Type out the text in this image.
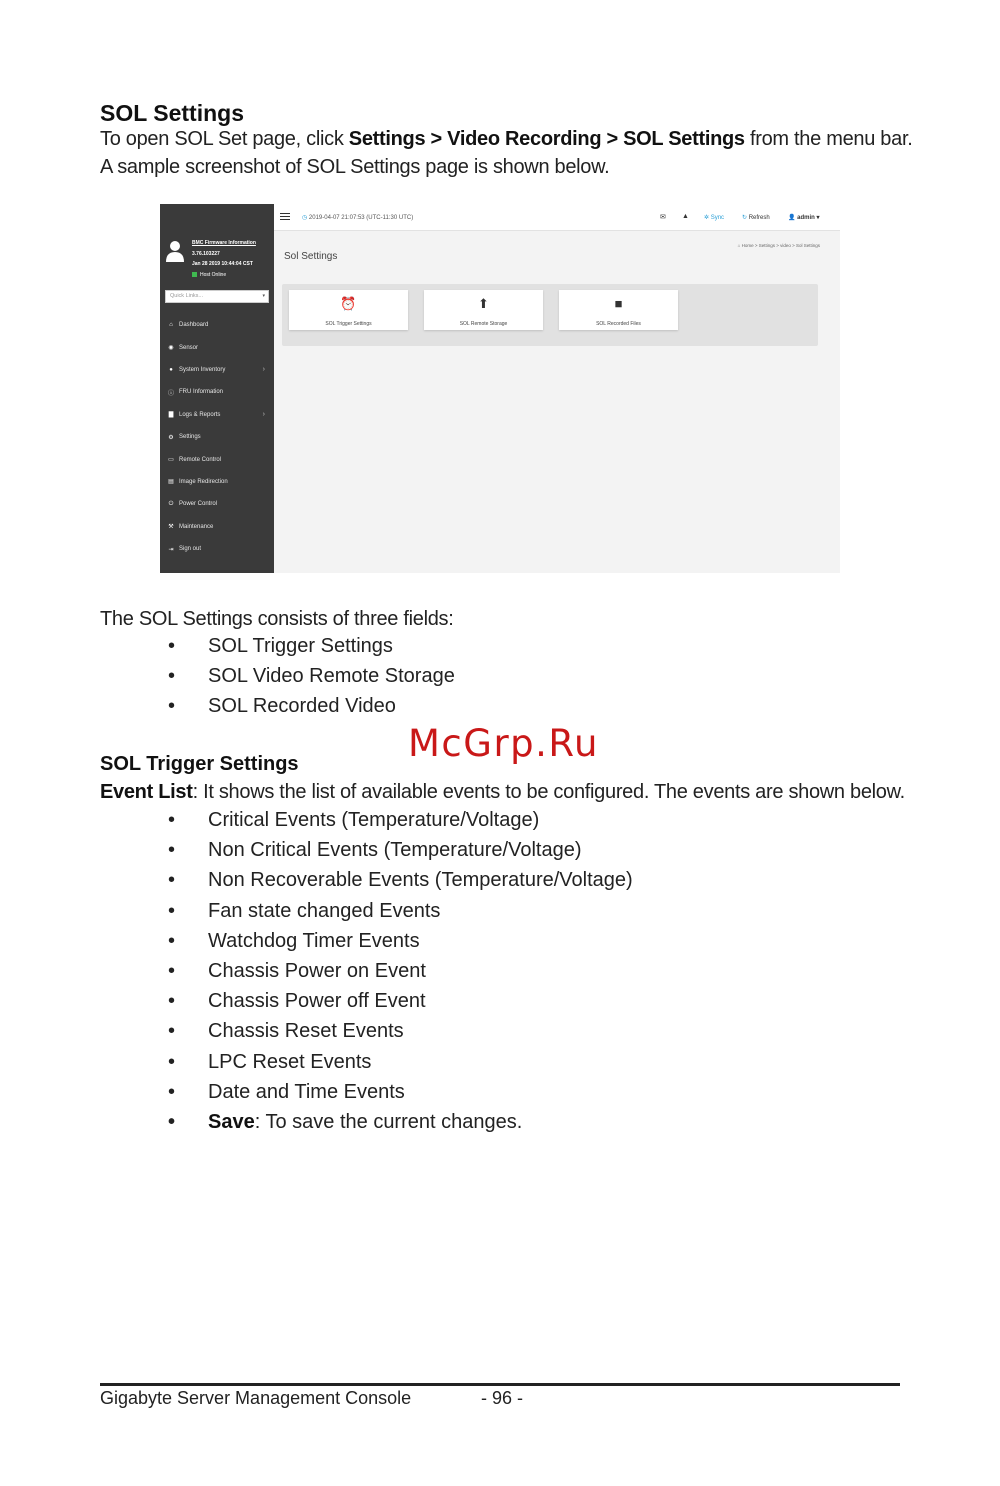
SOL Settings
To open SOL Set page, click Settings > Video Recording > SOL Settings from the menu bar.
A sample screenshot of SOL Settings page is shown below.
BMC Firmware Information
3.76.103227
Jan 28 2019 10:44:04 CST
Host Online
Quick Links...	▾
⌂	Dashboard
◉ Sensor
●	System Inventory	›
ⓘ FRU Information
▇ Logs & Reports	›
⚙ Settings
▭ Remote Control
▤ Image Redirection
⏻ Power Control
⚒ Maintenance
⇥ Sign out
◷ 2019-04-07 21:07:53 (UTC-11:30 UTC)	✉ ▲	✲ Sync	↻ Refresh	👤 admin ▾
Sol Settings
⌂ Home > Settings > video > Sol Settings
⏰
SOL Trigger Settings
⬆
SOL Remote Storage
■
SOL Recorded Files
The SOL Settings consists of three fields:
• SOL Trigger Settings
• SOL Video Remote Storage
• SOL Recorded Video
McGrp.Ru
SOL Trigger Settings
Event List: It shows the list of available events to be configured. The events are shown below.
• Critical Events (Temperature/Voltage)
• Non Critical Events (Temperature/Voltage)
• Non Recoverable Events (Temperature/Voltage)
• Fan state changed Events
• Watchdog Timer Events
• Chassis Power on Event
• Chassis Power off Event
• Chassis Reset Events
• LPC Reset Events
• Date and Time Events
• Save: To save the current changes.
Gigabyte Server Management Console	- 96 -
